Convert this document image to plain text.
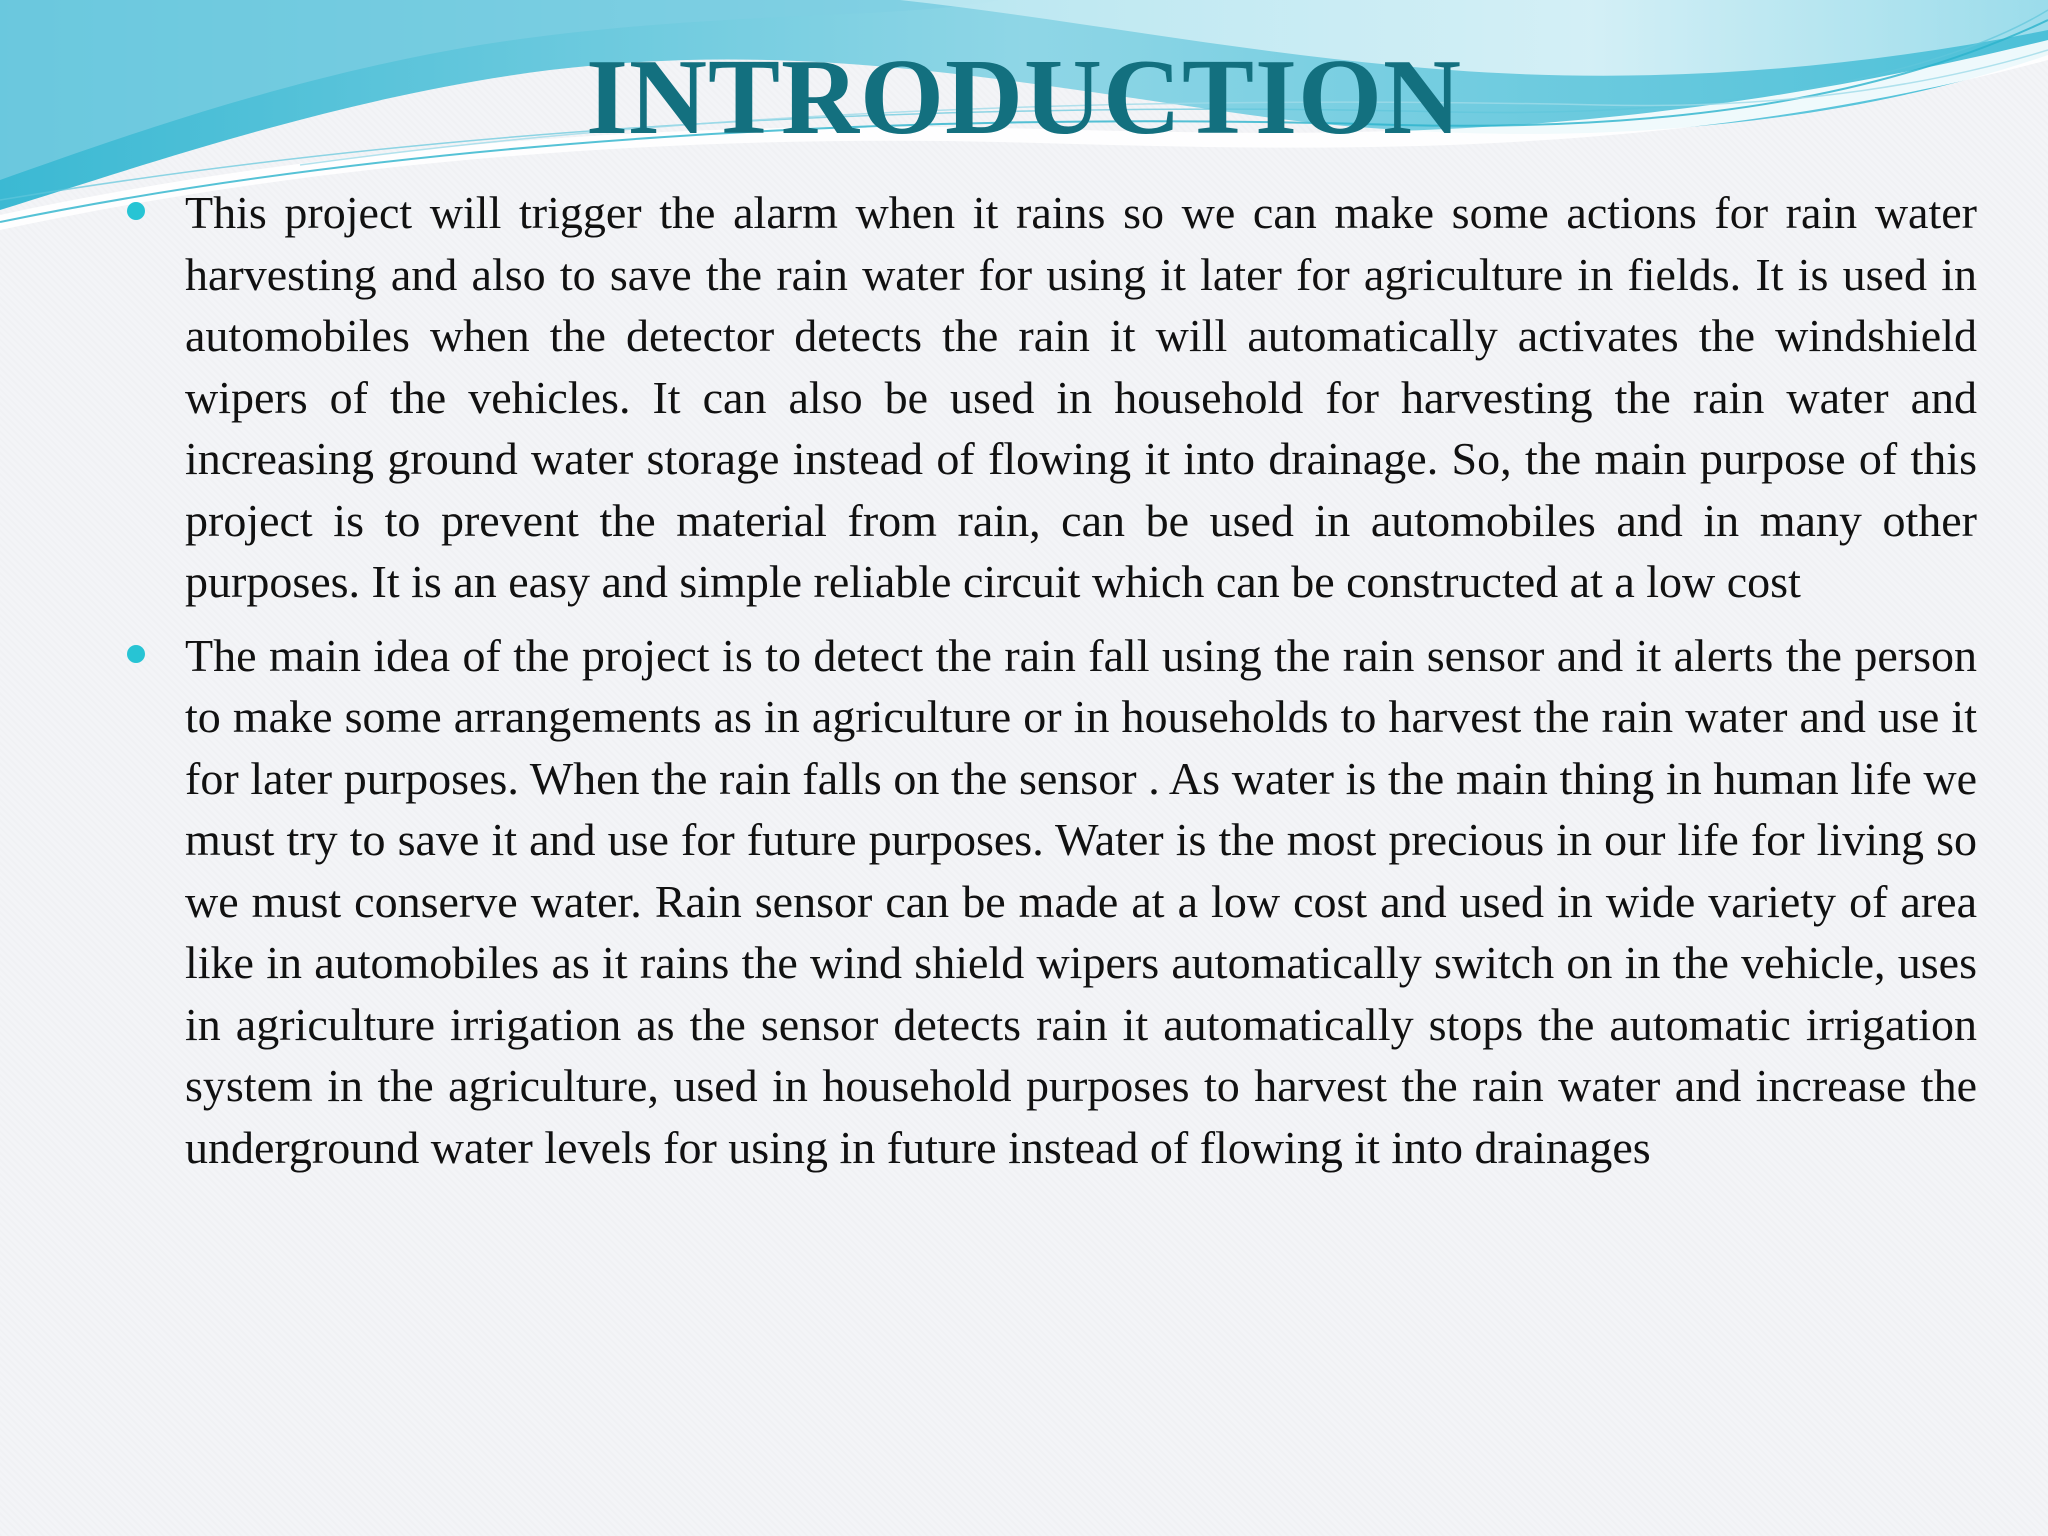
INTRODUCTION
This project will trigger the alarm when it rains so we can make some actions for rain water harvesting and also to save the rain water for using it later for agriculture in fields. It is used in automobiles when the detector detects the rain it will automatically activates the windshield wipers of the vehicles. It can also be used in household for harvesting the rain water and increasing ground water storage instead of flowing it into drainage. So, the main purpose of this project is to prevent the material from rain, can be used in automobiles and in many other purposes. It is an easy and simple reliable circuit which can be constructed at a low cost
The main idea of the project is to detect the rain fall using the rain sensor and it alerts the person to make some arrangements as in agriculture or in households to harvest the rain water and use it for later purposes. When the rain falls on the sensor . As water is the main thing in human life we must try to save it and use for future purposes. Water is the most precious in our life for living so we must conserve water. Rain sensor can be made at a low cost and used in wide variety of area like in automobiles as it rains the wind shield wipers automatically switch on in the vehicle, uses in agriculture irrigation as the sensor detects rain it automatically stops the automatic irrigation system in the agriculture, used in household purposes to harvest the rain water and increase the underground water levels for using in future instead of flowing it into drainages
